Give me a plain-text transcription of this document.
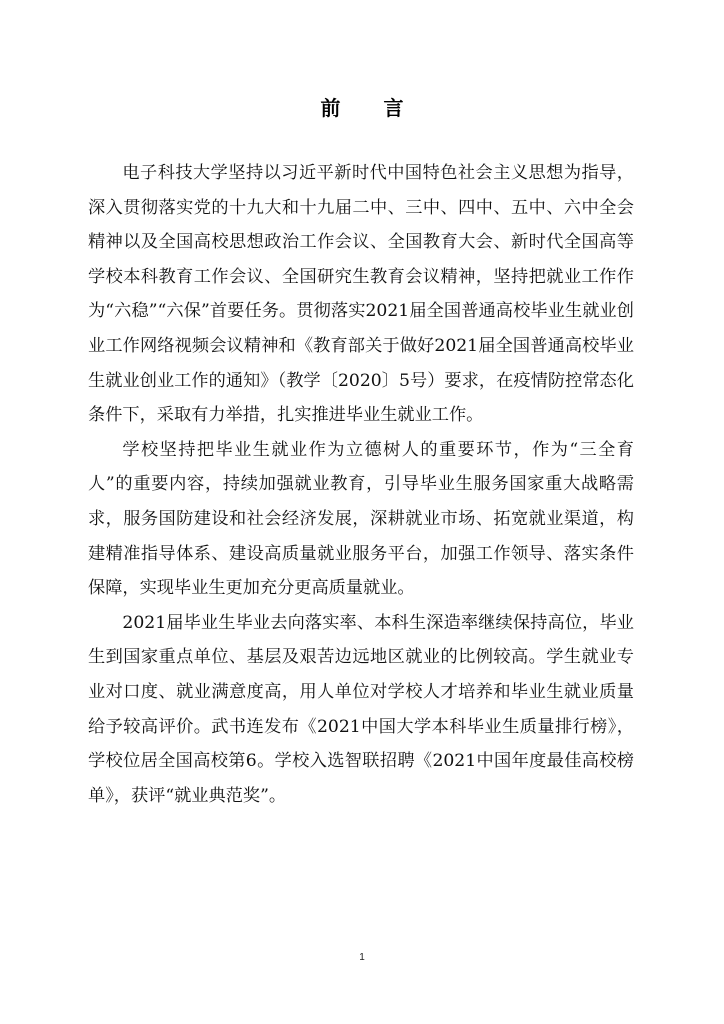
前 言

电子科技大学坚持以习近平新时代中国特色社会主义思想为指导，深入贯彻落实党的十九大和十九届二中、三中、四中、五中、六中全会精神以及全国高校思想政治工作会议、全国教育大会、新时代全国高等学校本科教育工作会议、全国研究生教育会议精神，坚持把就业工作作为“六稳”“六保”首要任务。贯彻落实2021届全国普通高校毕业生就业创业工作网络视频会议精神和《教育部关于做好2021届全国普通高校毕业生就业创业工作的通知》（教学〔2020〕5号）要求，在疫情防控常态化条件下，采取有力举措，扎实推进毕业生就业工作。

学校坚持把毕业生就业作为立德树人的重要环节，作为“三全育人”的重要内容，持续加强就业教育，引导毕业生服务国家重大战略需求，服务国防建设和社会经济发展，深耕就业市场、拓宽就业渠道，构建精准指导体系、建设高质量就业服务平台，加强工作领导、落实条件保障，实现毕业生更加充分更高质量就业。

2021届毕业生毕业去向落实率、本科生深造率继续保持高位，毕业生到国家重点单位、基层及艰苦边远地区就业的比例较高。学生就业专业对口度、就业满意度高，用人单位对学校人才培养和毕业生就业质量给予较高评价。武书连发布《2021中国大学本科毕业生质量排行榜》，学校位居全国高校第6。学校入选智联招聘《2021中国年度最佳高校榜单》，获评“就业典范奖”。

1
